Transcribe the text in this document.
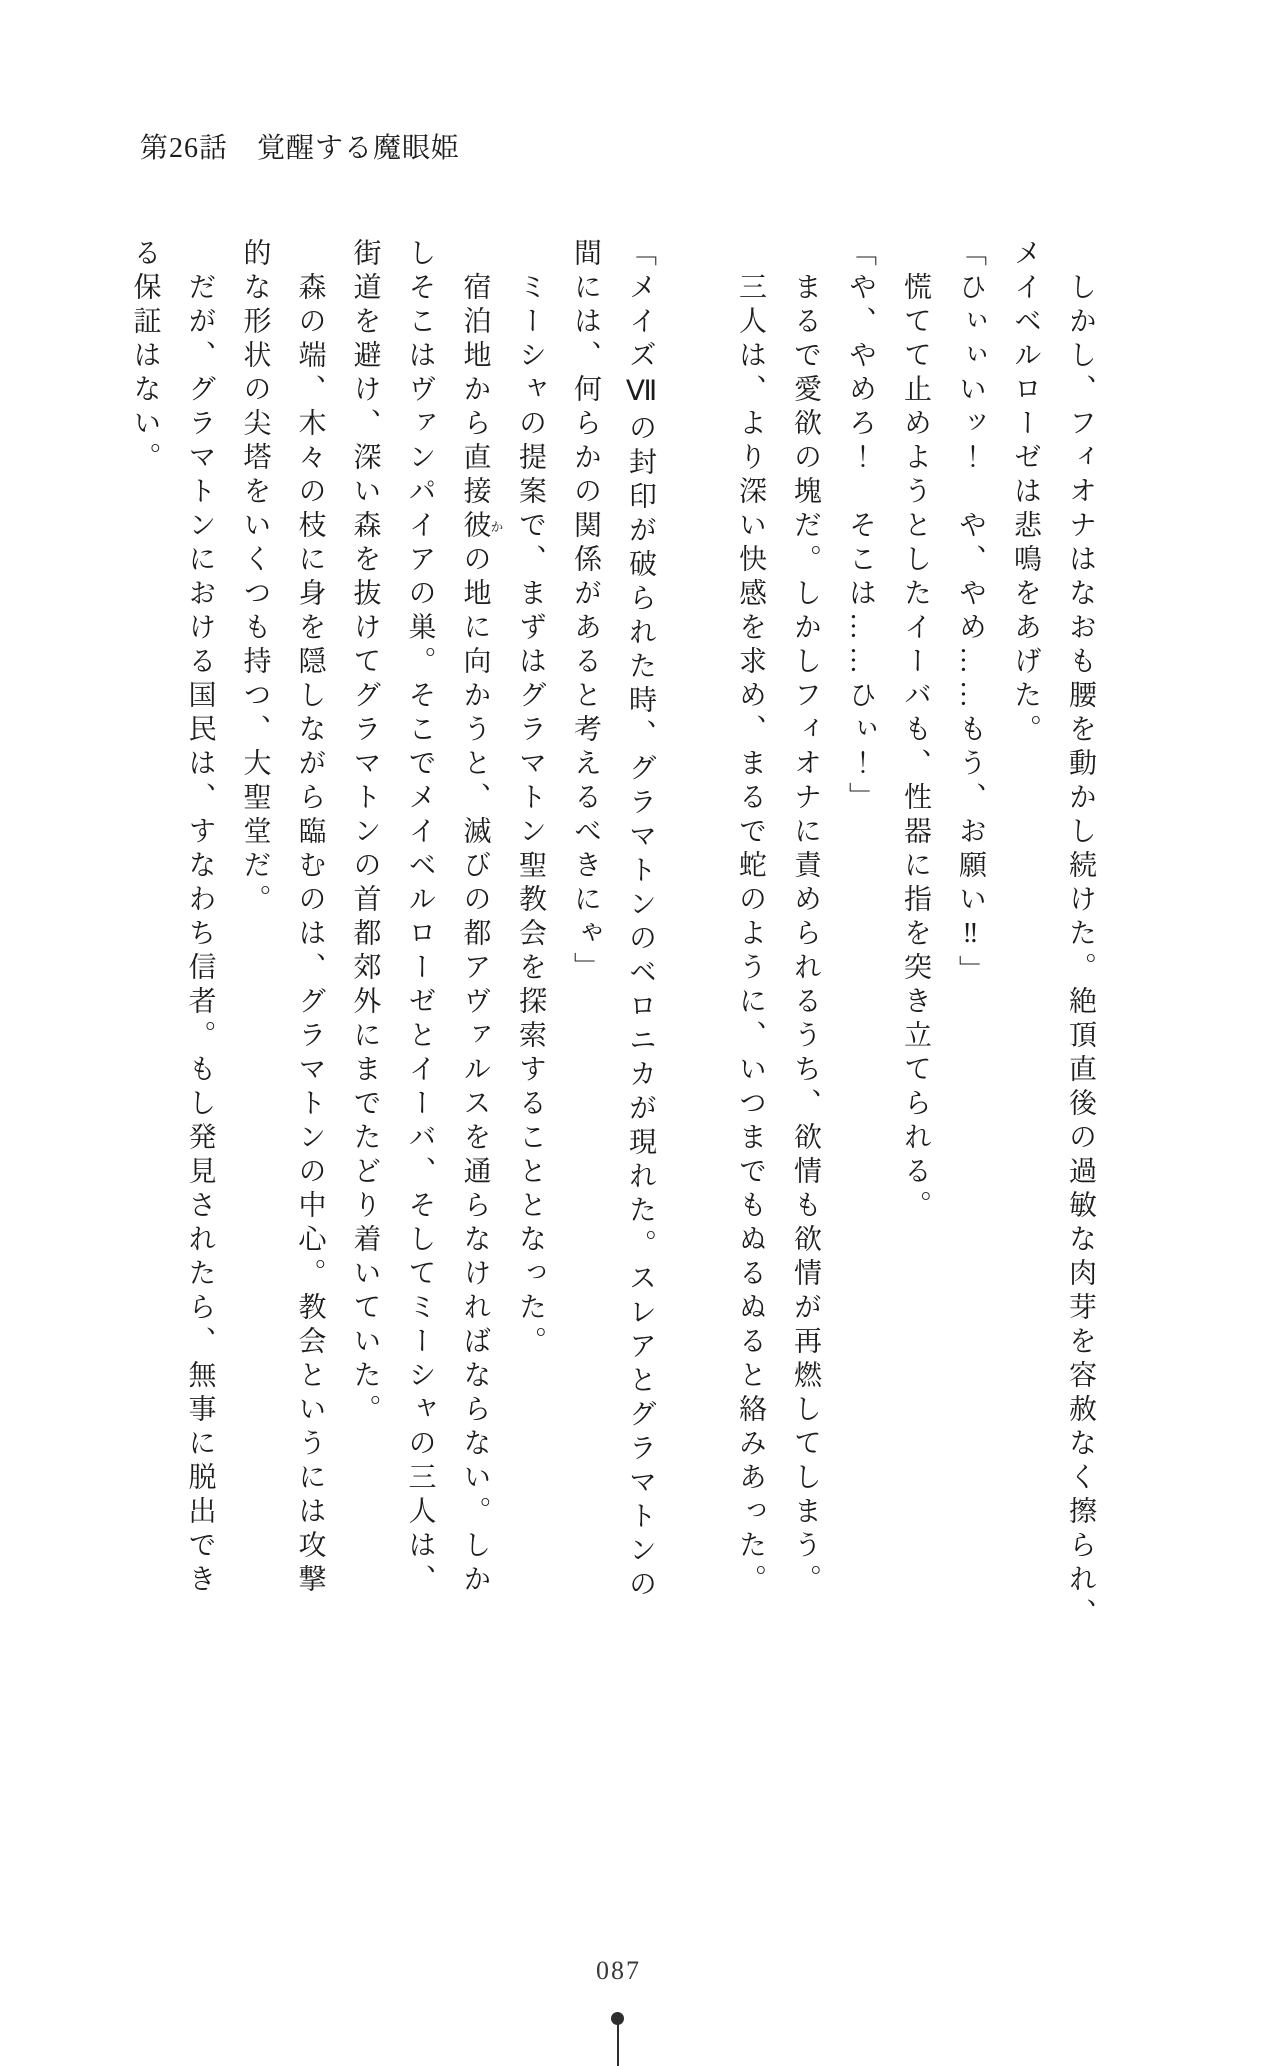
第26話　覚醒する魔眼姫
しかし、フィオナはなおも腰を動かし続けた。絶頂直後の過敏な肉芽を容赦なく擦られ、
メイベルローゼは悲鳴をあげた。
「ひぃぃいッ！　や、やめ……もう、お願い‼」
慌てて止めようとしたイーバも、性器に指を突き立てられる。
「や、やめろ！　そこは……ひぃ！」
まるで愛欲の塊だ。しかしフィオナに責められるうち、欲情も欲情が再燃してしまう。
三人は、より深い快感を求め、まるで蛇のように、いつまでもぬるぬると絡みあった。
「メイズⅦの封印が破られた時、グラマトンのベロニカが現れた。スレアとグラマトンの
間には、何らかの関係があると考えるべきにゃ」
ミーシャの提案で、まずはグラマトン聖教会を探索することとなった。
宿泊地から直接彼かの地に向かうと、滅びの都アヴァルスを通らなければならない。しか
しそこはヴァンパイアの巣。そこでメイベルローゼとイーバ、そしてミーシャの三人は、
街道を避け、深い森を抜けてグラマトンの首都郊外にまでたどり着いていた。
森の端、木々の枝に身を隠しながら臨むのは、グラマトンの中心。教会というには攻撃
的な形状の尖塔をいくつも持つ、大聖堂だ。
だが、グラマトンにおける国民は、すなわち信者。もし発見されたら、無事に脱出でき
る保証はない。
087
